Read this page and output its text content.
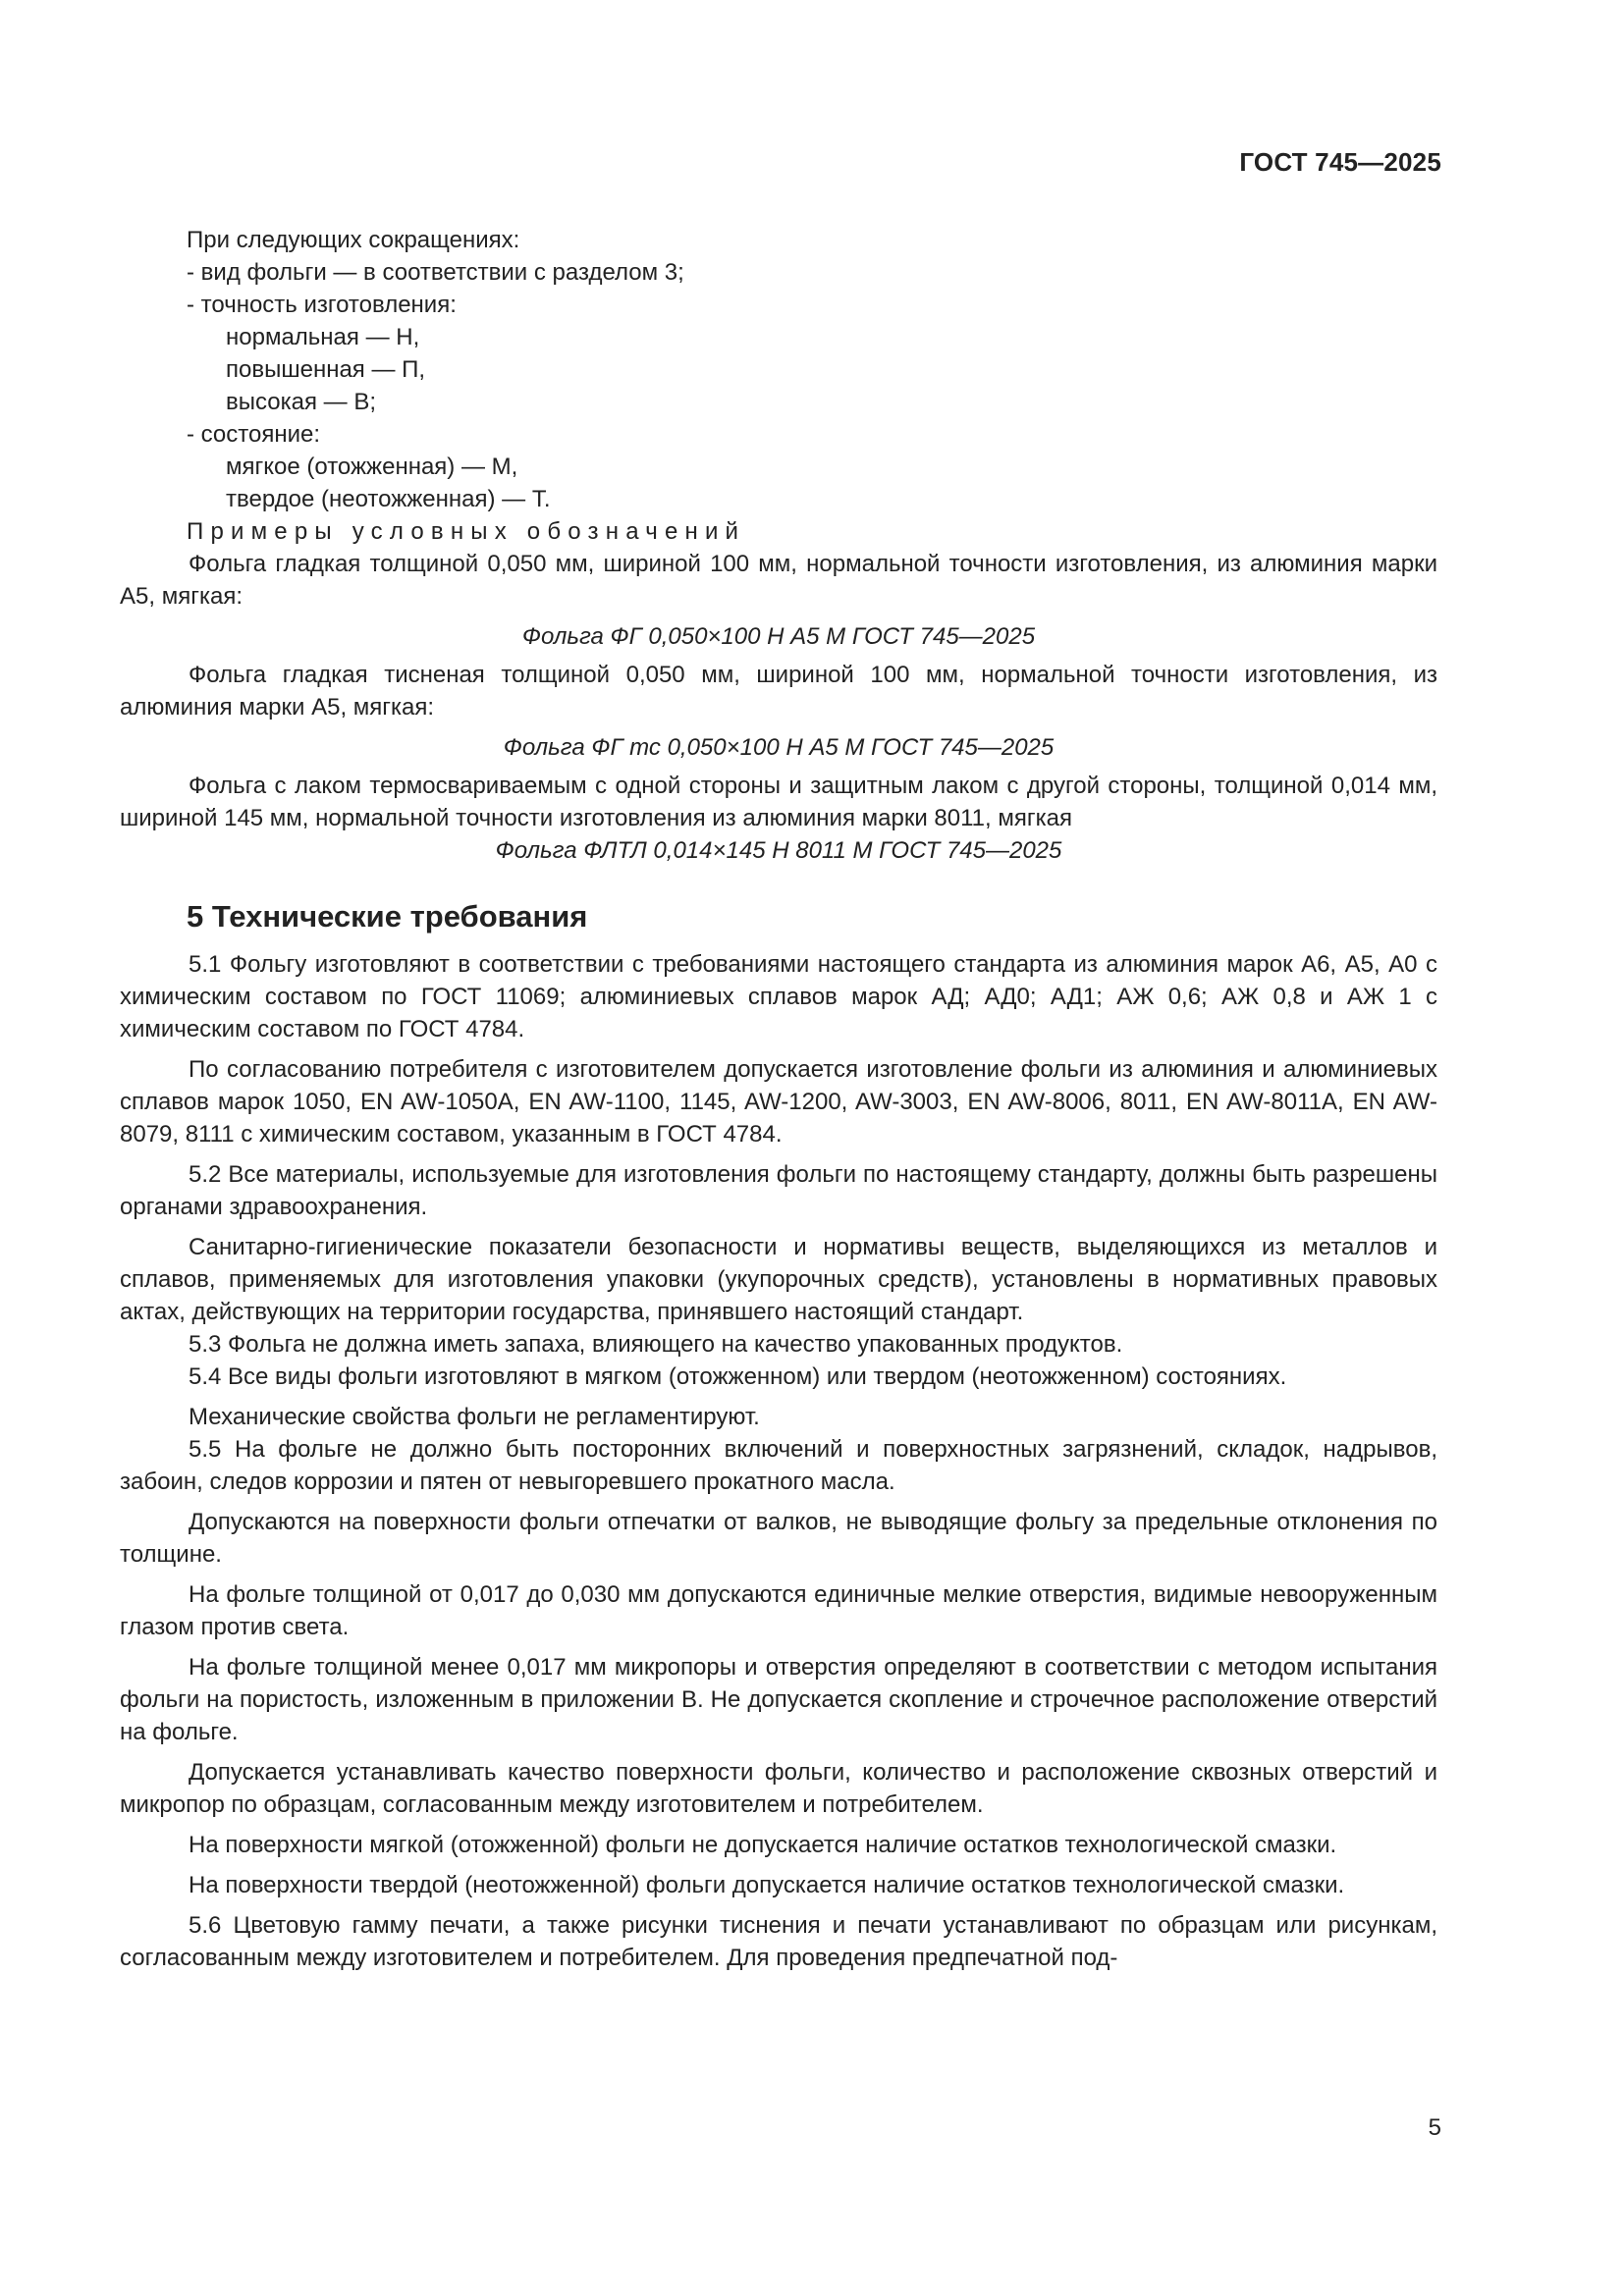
ГОСТ 745—2025

При следующих сокращениях:

- вид фольги — в соответствии с разделом 3;

- точность изготовления:

нормальная — Н,

повышенная — П,

высокая — В;

- состояние:

мягкое (отожженная) — М,

твердое (неотожженная) — Т.

Примеры условных обозначений

Фольга гладкая толщиной 0,050 мм, шириной 100 мм, нормальной точности изготовления, из алюминия марки А5, мягкая:

Фольга ФГ 0,050×100 Н А5 М ГОСТ 745—2025

Фольга гладкая тисненая толщиной 0,050 мм, шириной 100 мм, нормальной точности изготовления, из алюминия марки А5, мягкая:

Фольга ФГ тс 0,050×100 Н А5 М ГОСТ 745—2025

Фольга с лаком термосвариваемым с одной стороны и защитным лаком с другой стороны, толщиной 0,014 мм, шириной 145 мм, нормальной точности изготовления из алюминия марки 8011, мягкая

Фольга ФЛТЛ 0,014×145 Н 8011 М ГОСТ 745—2025

5 Технические требования

5.1 Фольгу изготовляют в соответствии с требованиями настоящего стандарта из алюминия марок А6, А5, А0 с химическим составом по ГОСТ 11069; алюминиевых сплавов марок АД; АД0; АД1; АЖ 0,6; АЖ 0,8 и АЖ 1 с химическим составом по ГОСТ 4784.

По согласованию потребителя с изготовителем допускается изготовление фольги из алюминия и алюминиевых сплавов марок 1050, EN AW-1050A, EN AW-1100, 1145, AW-1200, AW-3003, EN AW-8006, 8011, EN AW-8011A, EN AW-8079, 8111 с химическим составом, указанным в ГОСТ 4784.

5.2 Все материалы, используемые для изготовления фольги по настоящему стандарту, должны быть разрешены органами здравоохранения.

Санитарно-гигиенические показатели безопасности и нормативы веществ, выделяющихся из металлов и сплавов, применяемых для изготовления упаковки (укупорочных средств), установлены в нормативных правовых актах, действующих на территории государства, принявшего настоящий стандарт.

5.3 Фольга не должна иметь запаха, влияющего на качество упакованных продуктов.

5.4 Все виды фольги изготовляют в мягком (отожженном) или твердом (неотожженном) состояниях.

Механические свойства фольги не регламентируют.

5.5 На фольге не должно быть посторонних включений и поверхностных загрязнений, складок, надрывов, забоин, следов коррозии и пятен от невыгоревшего прокатного масла.

Допускаются на поверхности фольги отпечатки от валков, не выводящие фольгу за предельные отклонения по толщине.

На фольге толщиной от 0,017 до 0,030 мм допускаются единичные мелкие отверстия, видимые невооруженным глазом против света.

На фольге толщиной менее 0,017 мм микропоры и отверстия определяют в соответствии с методом испытания фольги на пористость, изложенным в приложении В. Не допускается скопление и строчечное расположение отверстий на фольге.

Допускается устанавливать качество поверхности фольги, количество и расположение сквозных отверстий и микропор по образцам, согласованным между изготовителем и потребителем.

На поверхности мягкой (отожженной) фольги не допускается наличие остатков технологической смазки.

На поверхности твердой (неотожженной) фольги допускается наличие остатков технологической смазки.

5.6 Цветовую гамму печати, а также рисунки тиснения и печати устанавливают по образцам или рисункам, согласованным между изготовителем и потребителем. Для проведения предпечатной под-

5
